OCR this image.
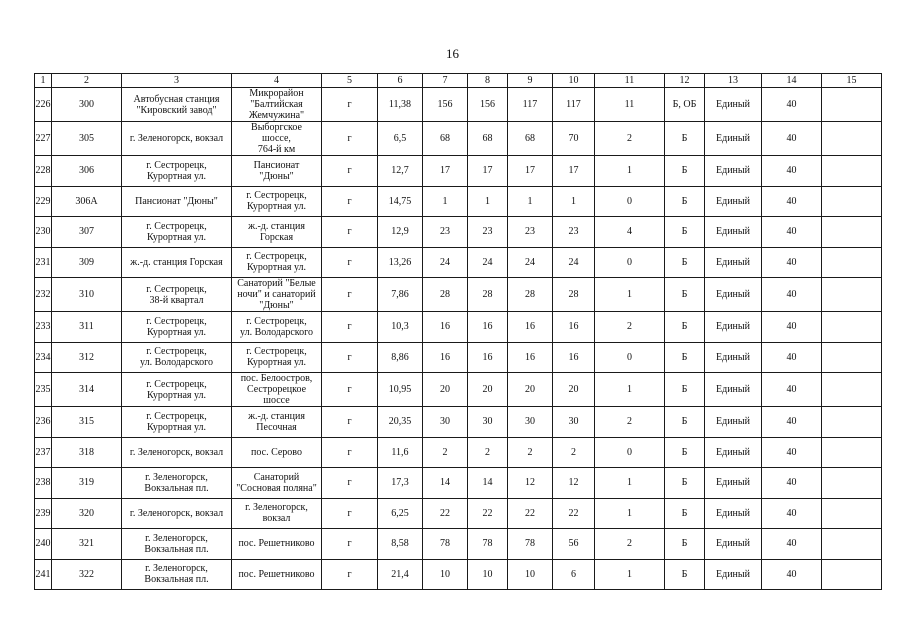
16
1	2	3	4	5	6	7	8	9	10	11	12	13	14	15
226	300	Автобусная станция
"Кировский завод"	Микрорайон
"Балтийская
Жемчужина"	г	11,38	156	156	117	117	11	Б, ОБ	Единый	40	
227	305	г. Зеленогорск, вокзал	Выборгское
шоссе,
764-й км	г	6,5	68	68	68	70	2	Б	Единый	40	
228	306	г. Сестрорецк,
Курортная ул.	Пансионат
"Дюны"	г	12,7	17	17	17	17	1	Б	Единый	40	
229	306А	Пансионат "Дюны"	г. Сестрорецк,
Курортная ул.	г	14,75	1	1	1	1	0	Б	Единый	40	
230	307	г. Сестрорецк,
Курортная ул.	ж.-д. станция
Горская	г	12,9	23	23	23	23	4	Б	Единый	40	
231	309	ж.-д. станция Горская	г. Сестрорецк,
Курортная ул.	г	13,26	24	24	24	24	0	Б	Единый	40	
232	310	г. Сестрорецк,
38-й квартал	Санаторий "Белые
ночи" и санаторий
"Дюны"	г	7,86	28	28	28	28	1	Б	Единый	40	
233	311	г. Сестрорецк,
Курортная ул.	г. Сестрорецк,
ул. Володарского	г	10,3	16	16	16	16	2	Б	Единый	40	
234	312	г. Сестрорецк,
ул. Володарского	г. Сестрорецк,
Курортная ул.	г	8,86	16	16	16	16	0	Б	Единый	40	
235	314	г. Сестрорецк,
Курортная ул.	пос. Белоостров,
Сестрорецкое
шоссе	г	10,95	20	20	20	20	1	Б	Единый	40	
236	315	г. Сестрорецк,
Курортная ул.	ж.-д. станция
Песочная	г	20,35	30	30	30	30	2	Б	Единый	40	
237	318	г. Зеленогорск, вокзал	пос. Серово	г	11,6	2	2	2	2	0	Б	Единый	40	
238	319	г. Зеленогорск,
Вокзальная пл.	Санаторий
"Сосновая поляна"	г	17,3	14	14	12	12	1	Б	Единый	40	
239	320	г. Зеленогорск, вокзал	г. Зеленогорск,
вокзал	г	6,25	22	22	22	22	1	Б	Единый	40	
240	321	г. Зеленогорск,
Вокзальная пл.	пос. Решетниково	г	8,58	78	78	78	56	2	Б	Единый	40	
241	322	г. Зеленогорск,
Вокзальная пл.	пос. Решетниково	г	21,4	10	10	10	6	1	Б	Единый	40	
